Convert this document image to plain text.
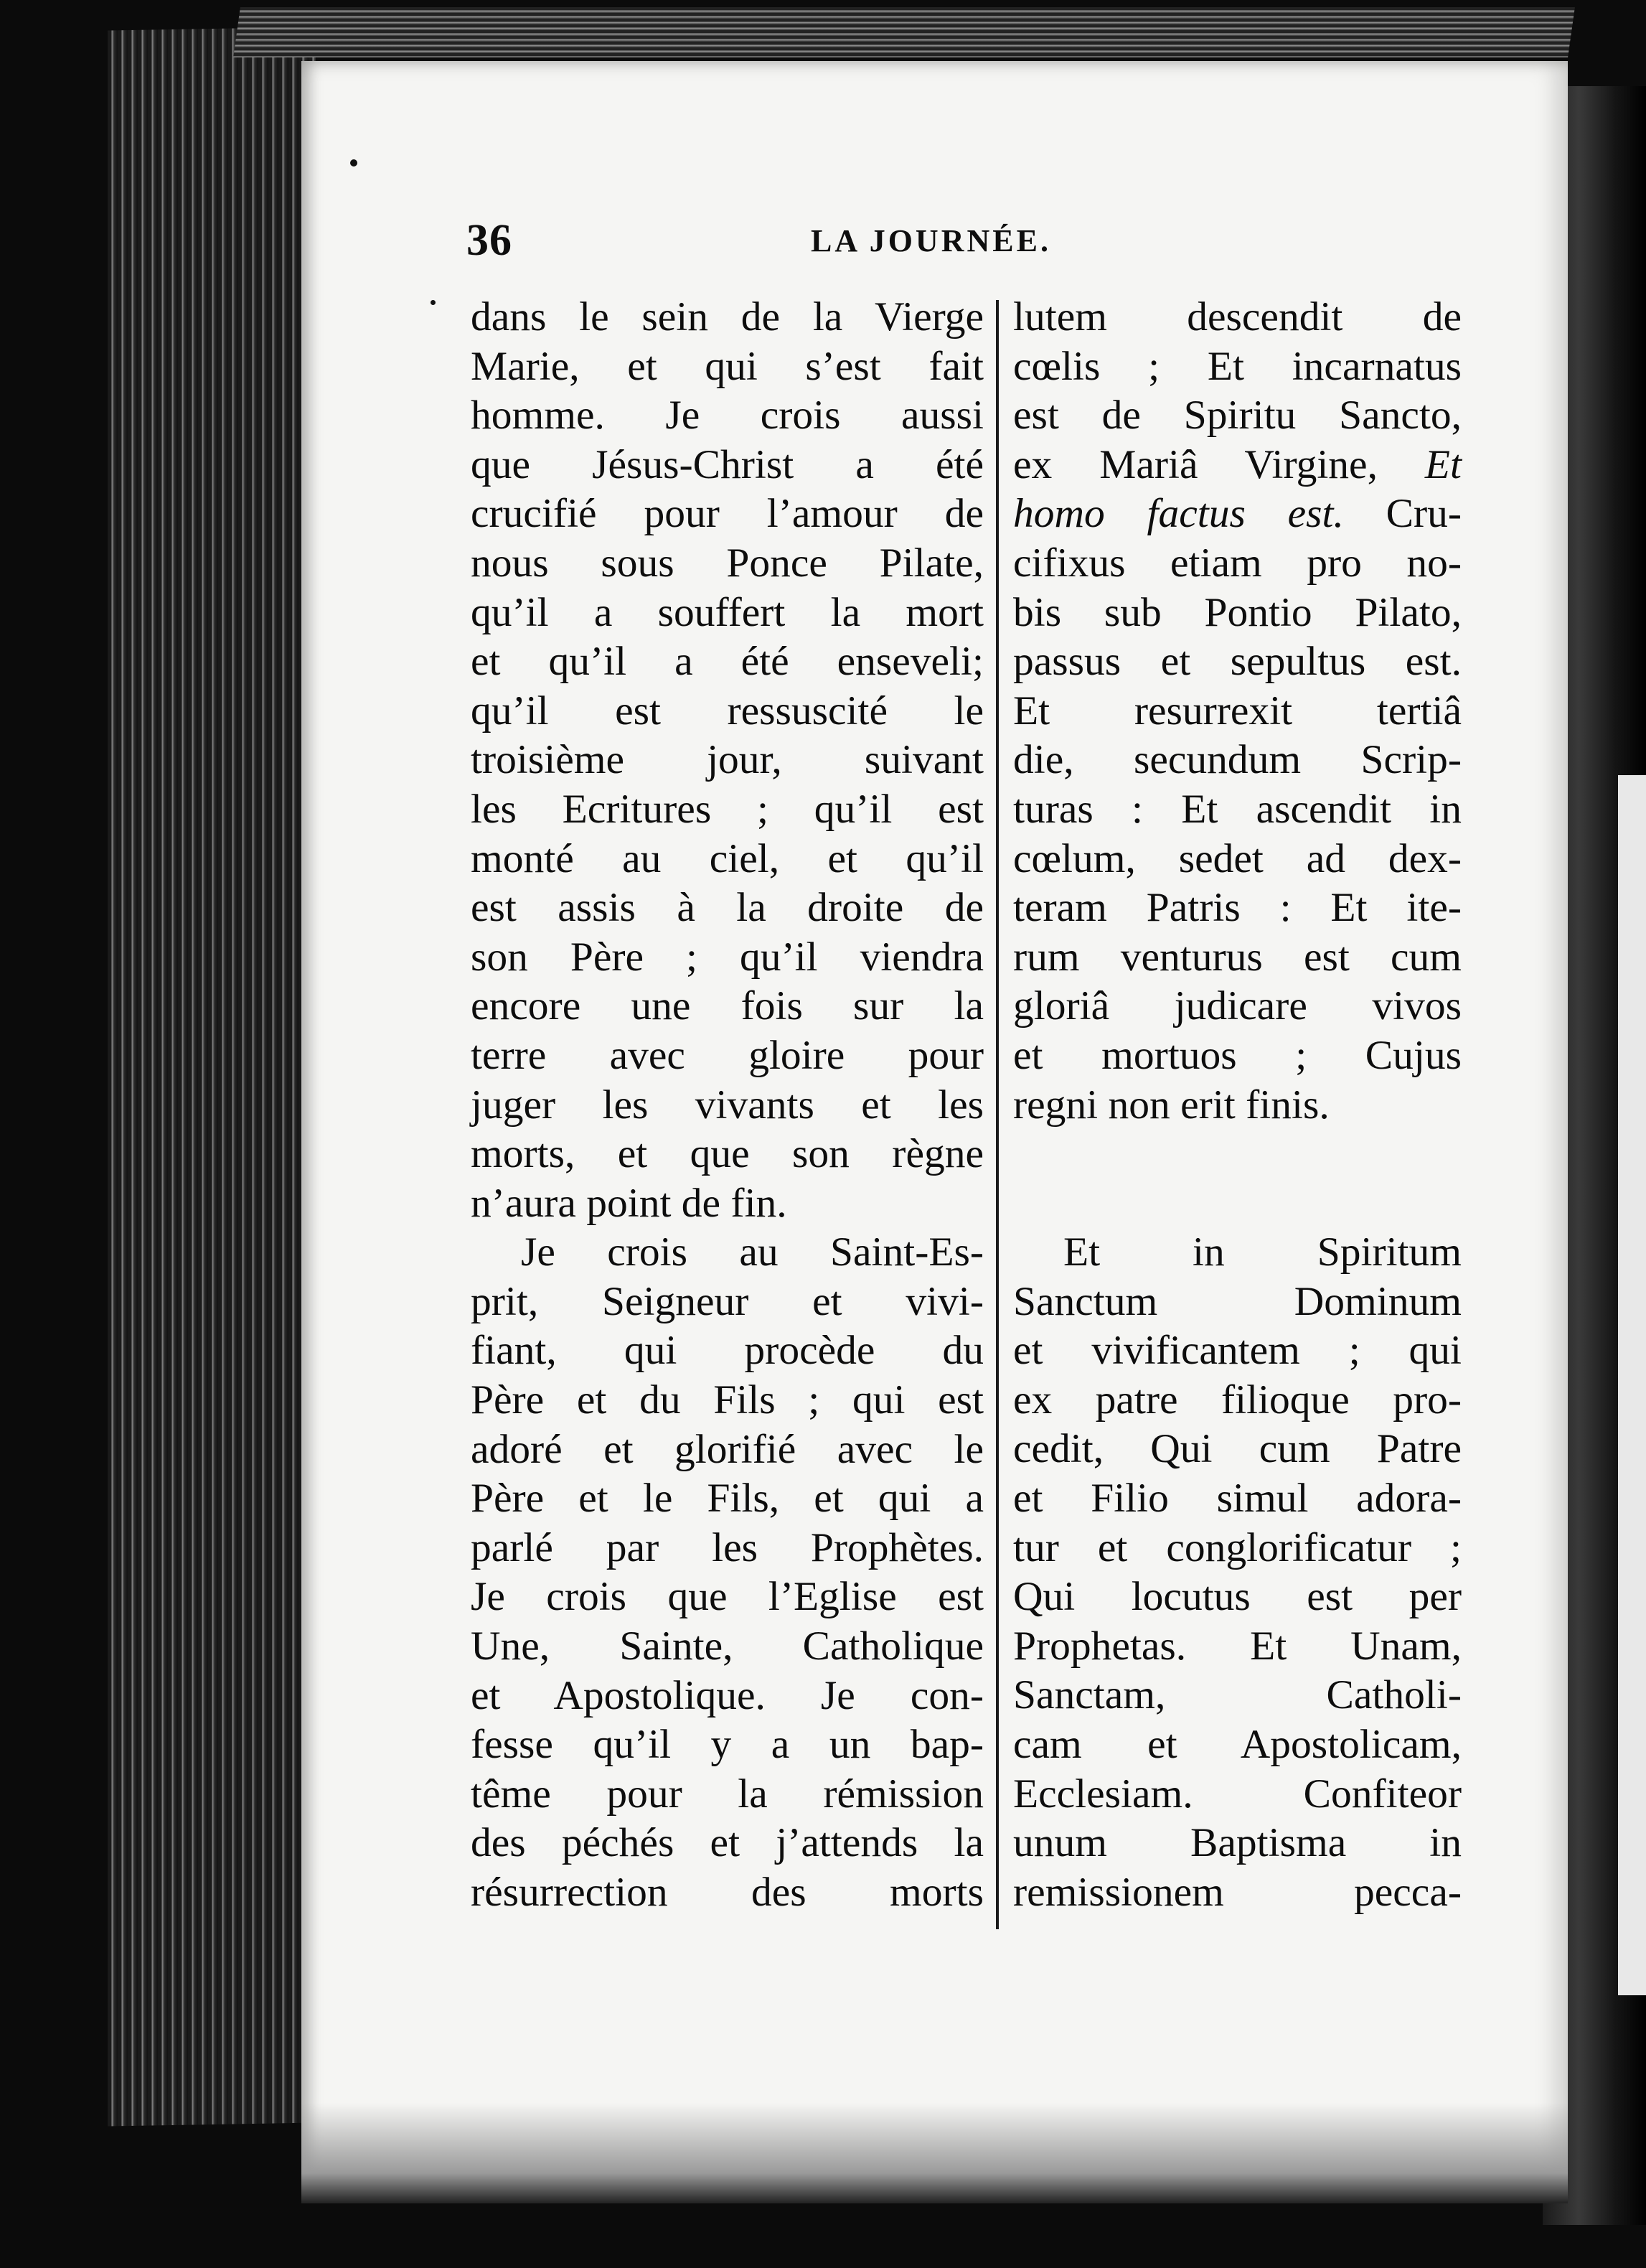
36	LA JOURNÉE.
dans le sein de la Vierge
Marie, et qui s’est fait
homme. Je crois aussi
que Jésus-Christ a été
crucifié pour l’amour de
nous sous Ponce Pilate,
qu’il a souffert la mort
et qu’il a été enseveli;
qu’il est ressuscité le
troisième jour, suivant
les Ecritures ; qu’il est
monté au ciel, et qu’il
est assis à la droite de
son Père ; qu’il viendra
encore une fois sur la
terre avec gloire pour
juger les vivants et les
morts, et que son règne
n’aura point de fin.
Je crois au Saint-Es-
prit, Seigneur et vivi-
fiant, qui procède du
Père et du Fils ; qui est
adoré et glorifié avec le
Père et le Fils, et qui a
parlé par les Prophètes.
Je crois que l’Eglise est
Une, Sainte, Catholique
et Apostolique. Je con-
fesse qu’il y a un bap-
tême pour la rémission
des péchés et j’attends la
résurrection des morts
lutem descendit de
cœlis ; Et incarnatus
est de Spiritu Sancto,
ex Mariâ Virgine, Et
homo factus est. Cru-
cifixus etiam pro no-
bis sub Pontio Pilato,
passus et sepultus est.
Et resurrexit tertiâ
die, secundum Scrip-
turas : Et ascendit in
cœlum, sedet ad dex-
teram Patris : Et ite-
rum venturus est cum
gloriâ judicare vivos
et mortuos ; Cujus
regni non erit finis.
Et in Spiritum
Sanctum Dominum
et vivificantem ; qui
ex patre filioque pro-
cedit, Qui cum Patre
et Filio simul adora-
tur et conglorificatur ;
Qui locutus est per
Prophetas. Et Unam,
Sanctam, Catholi-
cam et Apostolicam,
Ecclesiam. Confiteor
unum Baptisma in
remissionem pecca-
